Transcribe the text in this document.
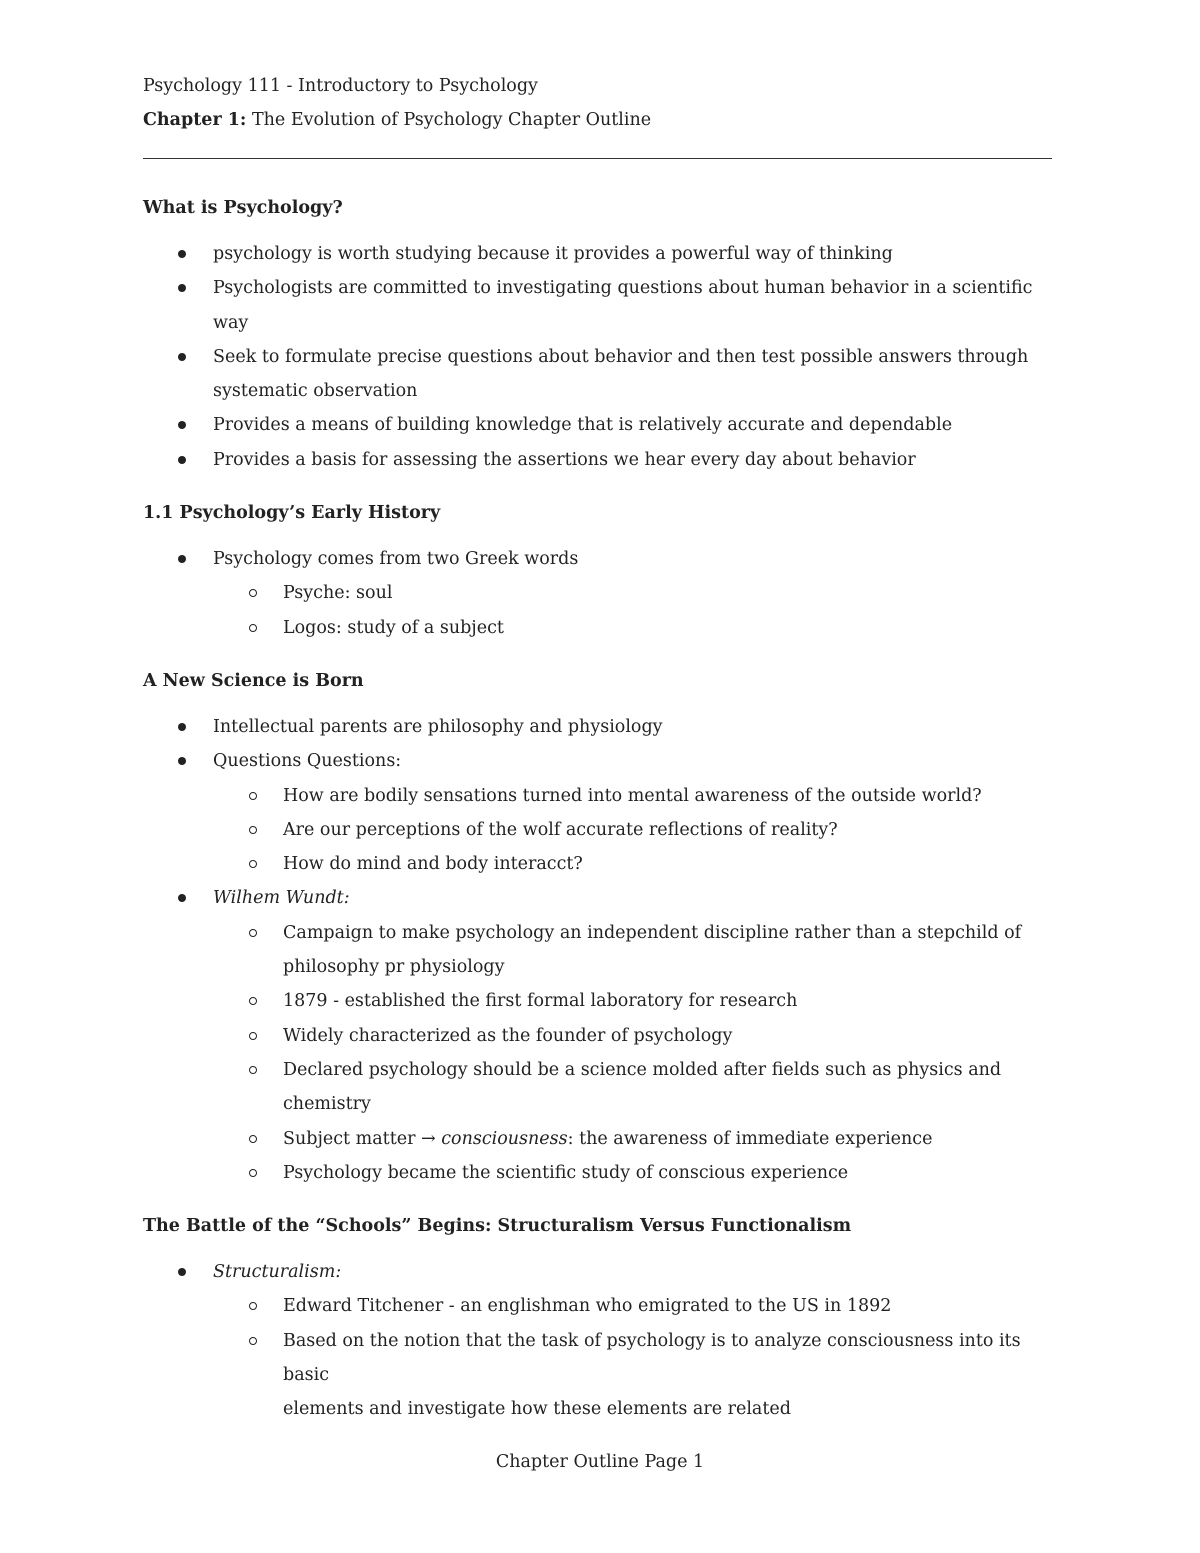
Psychology 111 - Introductory to Psychology
Chapter 1: The Evolution of Psychology Chapter Outline
What is Psychology?
psychology is worth studying because it provides a powerful way of thinking
Psychologists are committed to investigating questions about human behavior in a scientific way
Seek to formulate precise questions about behavior and then test possible answers through
systematic observation
Provides a means of building knowledge that is relatively accurate and dependable
Provides a basis for assessing the assertions we hear every day about behavior
1.1 Psychology’s Early History
Psychology comes from two Greek words
Psyche: soul
Logos: study of a subject
A New Science is Born
Intellectual parents are philosophy and physiology
Questions Questions:
How are bodily sensations turned into mental awareness of the outside world?
Are our perceptions of the wolf accurate reflections of reality?
How do mind and body interacct?
Wilhem Wundt:
Campaign to make psychology an independent discipline rather than a stepchild of
philosophy pr physiology
1879 - established the first formal laboratory for research
Widely characterized as the founder of psychology
Declared psychology should be a science molded after fields such as physics and
chemistry
Subject matter → consciousness: the awareness of immediate experience
Psychology became the scientific study of conscious experience
The Battle of the “Schools” Begins: Structuralism Versus Functionalism
Structuralism:
Edward Titchener - an englishman who emigrated to the US in 1892
Based on the notion that the task of psychology is to analyze consciousness into its basic
elements and investigate how these elements are related
Chapter Outline Page 1
